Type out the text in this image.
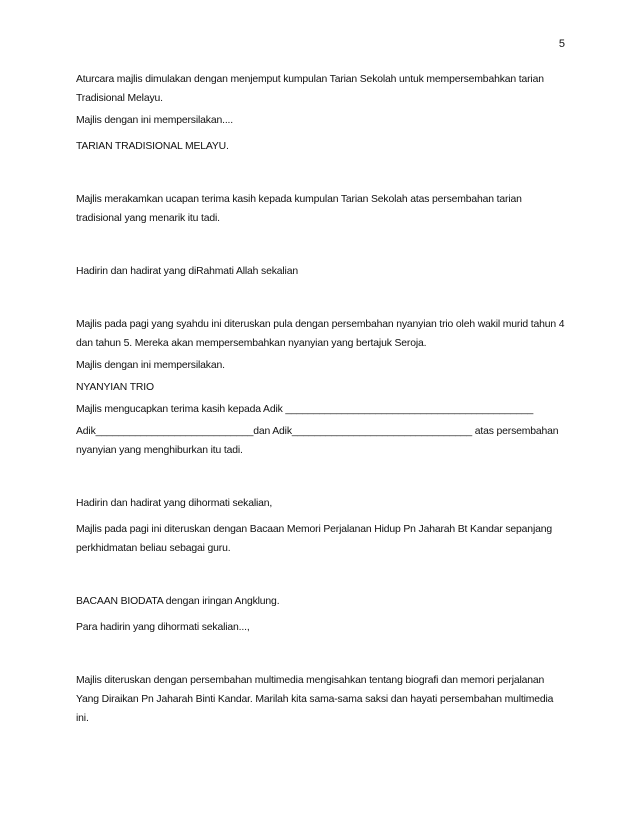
5

Aturcara majlis dimulakan dengan menjemput kumpulan Tarian Sekolah untuk mempersembahkan tarian Tradisional Melayu.

Majlis dengan ini mempersilakan....

TARIAN TRADISIONAL MELAYU.

Majlis merakamkan ucapan terima kasih kepada kumpulan Tarian Sekolah atas persembahan tarian tradisional yang menarik itu tadi.

Hadirin dan hadirat yang diRahmati Allah sekalian

Majlis pada pagi yang syahdu ini diteruskan pula dengan persembahan nyanyian trio oleh wakil murid tahun 4 dan tahun 5. Mereka akan mempersembahkan nyanyian yang bertajuk Seroja.

Majlis dengan ini mempersilakan.

NYANYIAN TRIO

Majlis mengucapkan terima kasih kepada Adik ____________________________________________

Adik____________________________dan Adik________________________________ atas persembahan nyanyian yang menghiburkan itu tadi.

Hadirin dan hadirat yang dihormati sekalian,

Majlis pada pagi ini diteruskan dengan Bacaan Memori Perjalanan Hidup Pn Jaharah Bt Kandar sepanjang perkhidmatan beliau sebagai guru.

BACAAN BIODATA dengan iringan Angklung.

Para hadirin yang dihormati sekalian...,

Majlis diteruskan dengan persembahan multimedia mengisahkan tentang biografi dan memori perjalanan Yang Diraikan Pn Jaharah Binti Kandar. Marilah kita sama-sama saksi dan hayati persembahan multimedia ini.
